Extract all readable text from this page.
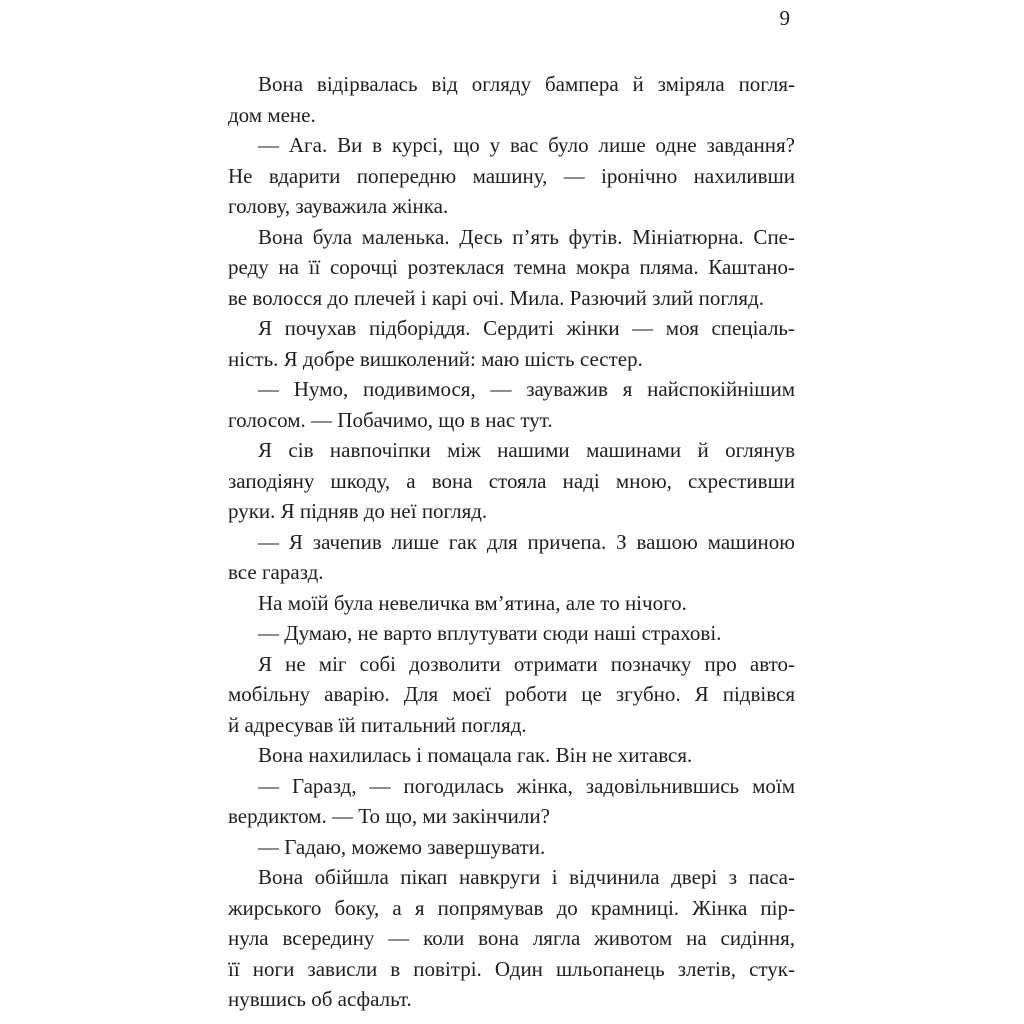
9
Вона відірвалась від огляду бампера й зміряла погля-
дом мене.
— Ага. Ви в курсі, що у вас було лише одне завдання?
Не вдарити попередню машину, — іронічно нахиливши
голову, зауважила жінка.
Вона була маленька. Десь п’ять футів. Мініатюрна. Спе-
реду на її сорочці розтеклася темна мокра пляма. Каштано-
ве волосся до плечей і карі очі. Мила. Разючий злий погляд.
Я почухав підборіддя. Сердиті жінки — моя спеціаль-
ність. Я добре вишколений: маю шість сестер.
— Нумо, подивимося, — зауважив я найспокійнішим
голосом. — Побачимо, що в нас тут.
Я сів навпочіпки між нашими машинами й оглянув
заподіяну шкоду, а вона стояла наді мною, схрестивши
руки. Я підняв до неї погляд.
— Я зачепив лише гак для причепа. З вашою машиною
все гаразд.
На моїй була невеличка вм’ятина, але то нічого.
— Думаю, не варто вплутувати сюди наші страхові.
Я не міг собі дозволити отримати позначку про авто-
мобільну аварію. Для моєї роботи це згубно. Я підвівся
й адресував їй питальний погляд.
Вона нахилилась і помацала гак. Він не хитався.
— Гаразд, — погодилась жінка, задовільнившись моїм
вердиктом. — То що, ми закінчили?
— Гадаю, можемо завершувати.
Вона обійшла пікап навкруги і відчинила двері з паса-
жирського боку, а я попрямував до крамниці. Жінка пір-
нула всередину — коли вона лягла животом на сидіння,
її ноги зависли в повітрі. Один шльопанець злетів, стук-
нувшись об асфальт.
